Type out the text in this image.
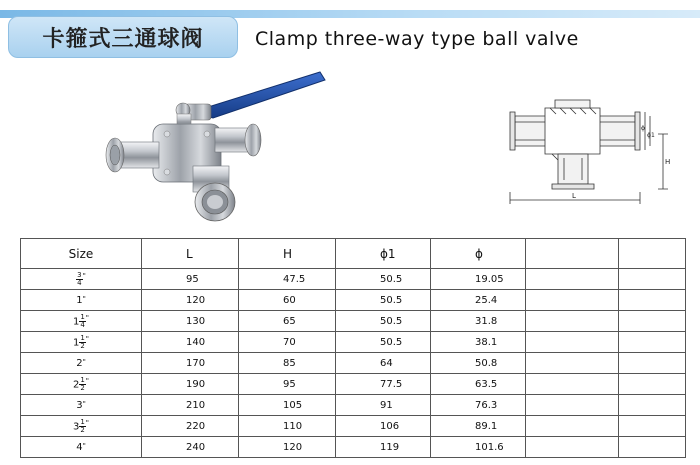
卡箍式三通球阀	Clamp three-way type ball valve
L
ϕ
ϕ1
H
Size	L	H	ϕ1	ϕ		

$\frac{3}{4} ^"$	95	47.5	50.5	19.05		
1"	120	60	50.5	25.4		
$1 \frac{1}{4} ^"$	130	65	50.5	31.8		
$1 \frac{1}{2} ^"$	140	70	50.5	38.1		
2"	170	85	64	50.8		
$2 \frac{1}{2} ^"$	190	95	77.5	63.5		
3"	210	105	91	76.3		
$3 \frac{1}{2} ^"$	220	110	106	89.1		
4"	240	120	119	101.6		
